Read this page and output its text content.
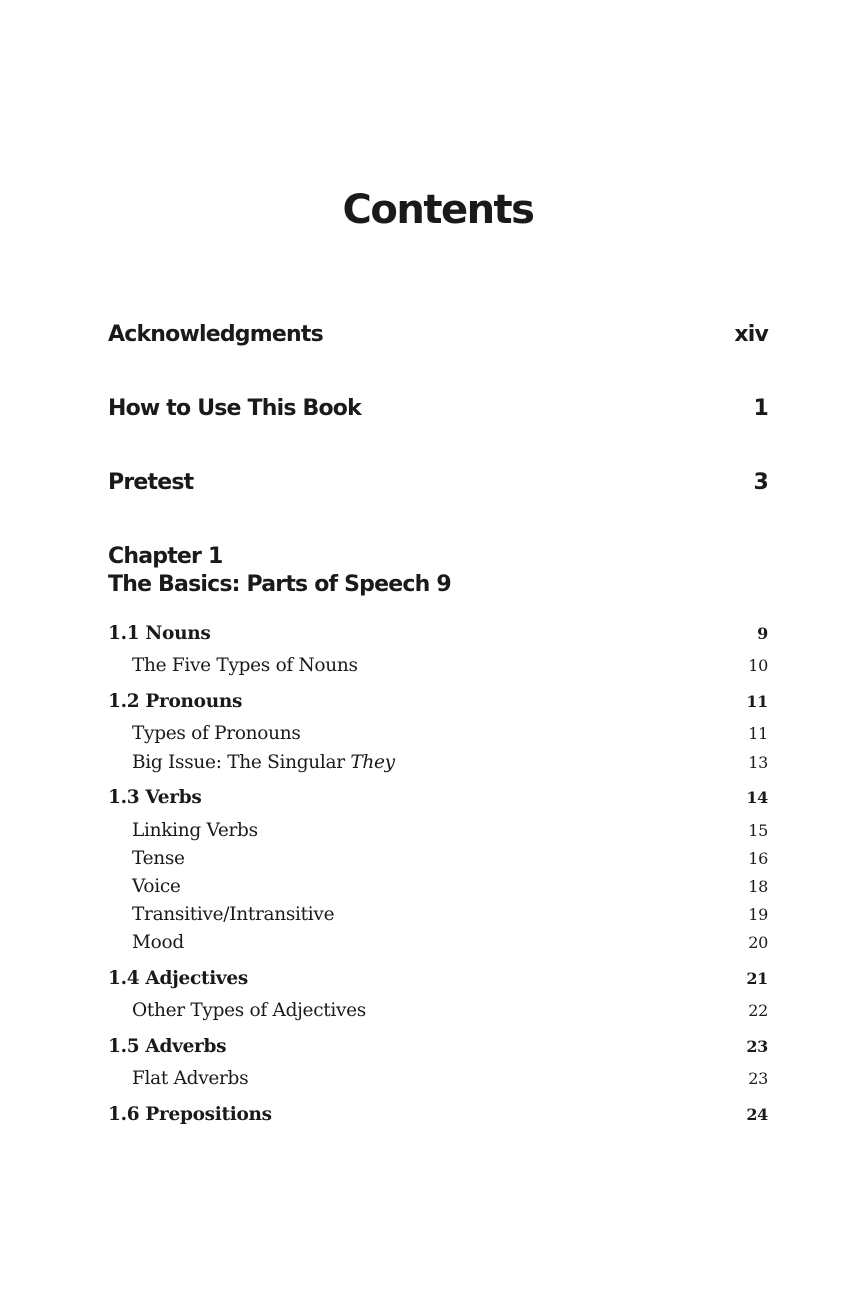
Contents
Acknowledgments	xiv
How to Use This Book	1
Pretest	3
Chapter 1
The Basics: Parts of Speech 9
1.1 Nouns	9
The Five Types of Nouns	10
1.2 Pronouns	11
Types of Pronouns	11
Big Issue: The Singular They	13
1.3 Verbs	14
Linking Verbs	15
Tense	16
Voice	18
Transitive/Intransitive	19
Mood	20
1.4 Adjectives	21
Other Types of Adjectives	22
1.5 Adverbs	23
Flat Adverbs	23
1.6 Prepositions	24
